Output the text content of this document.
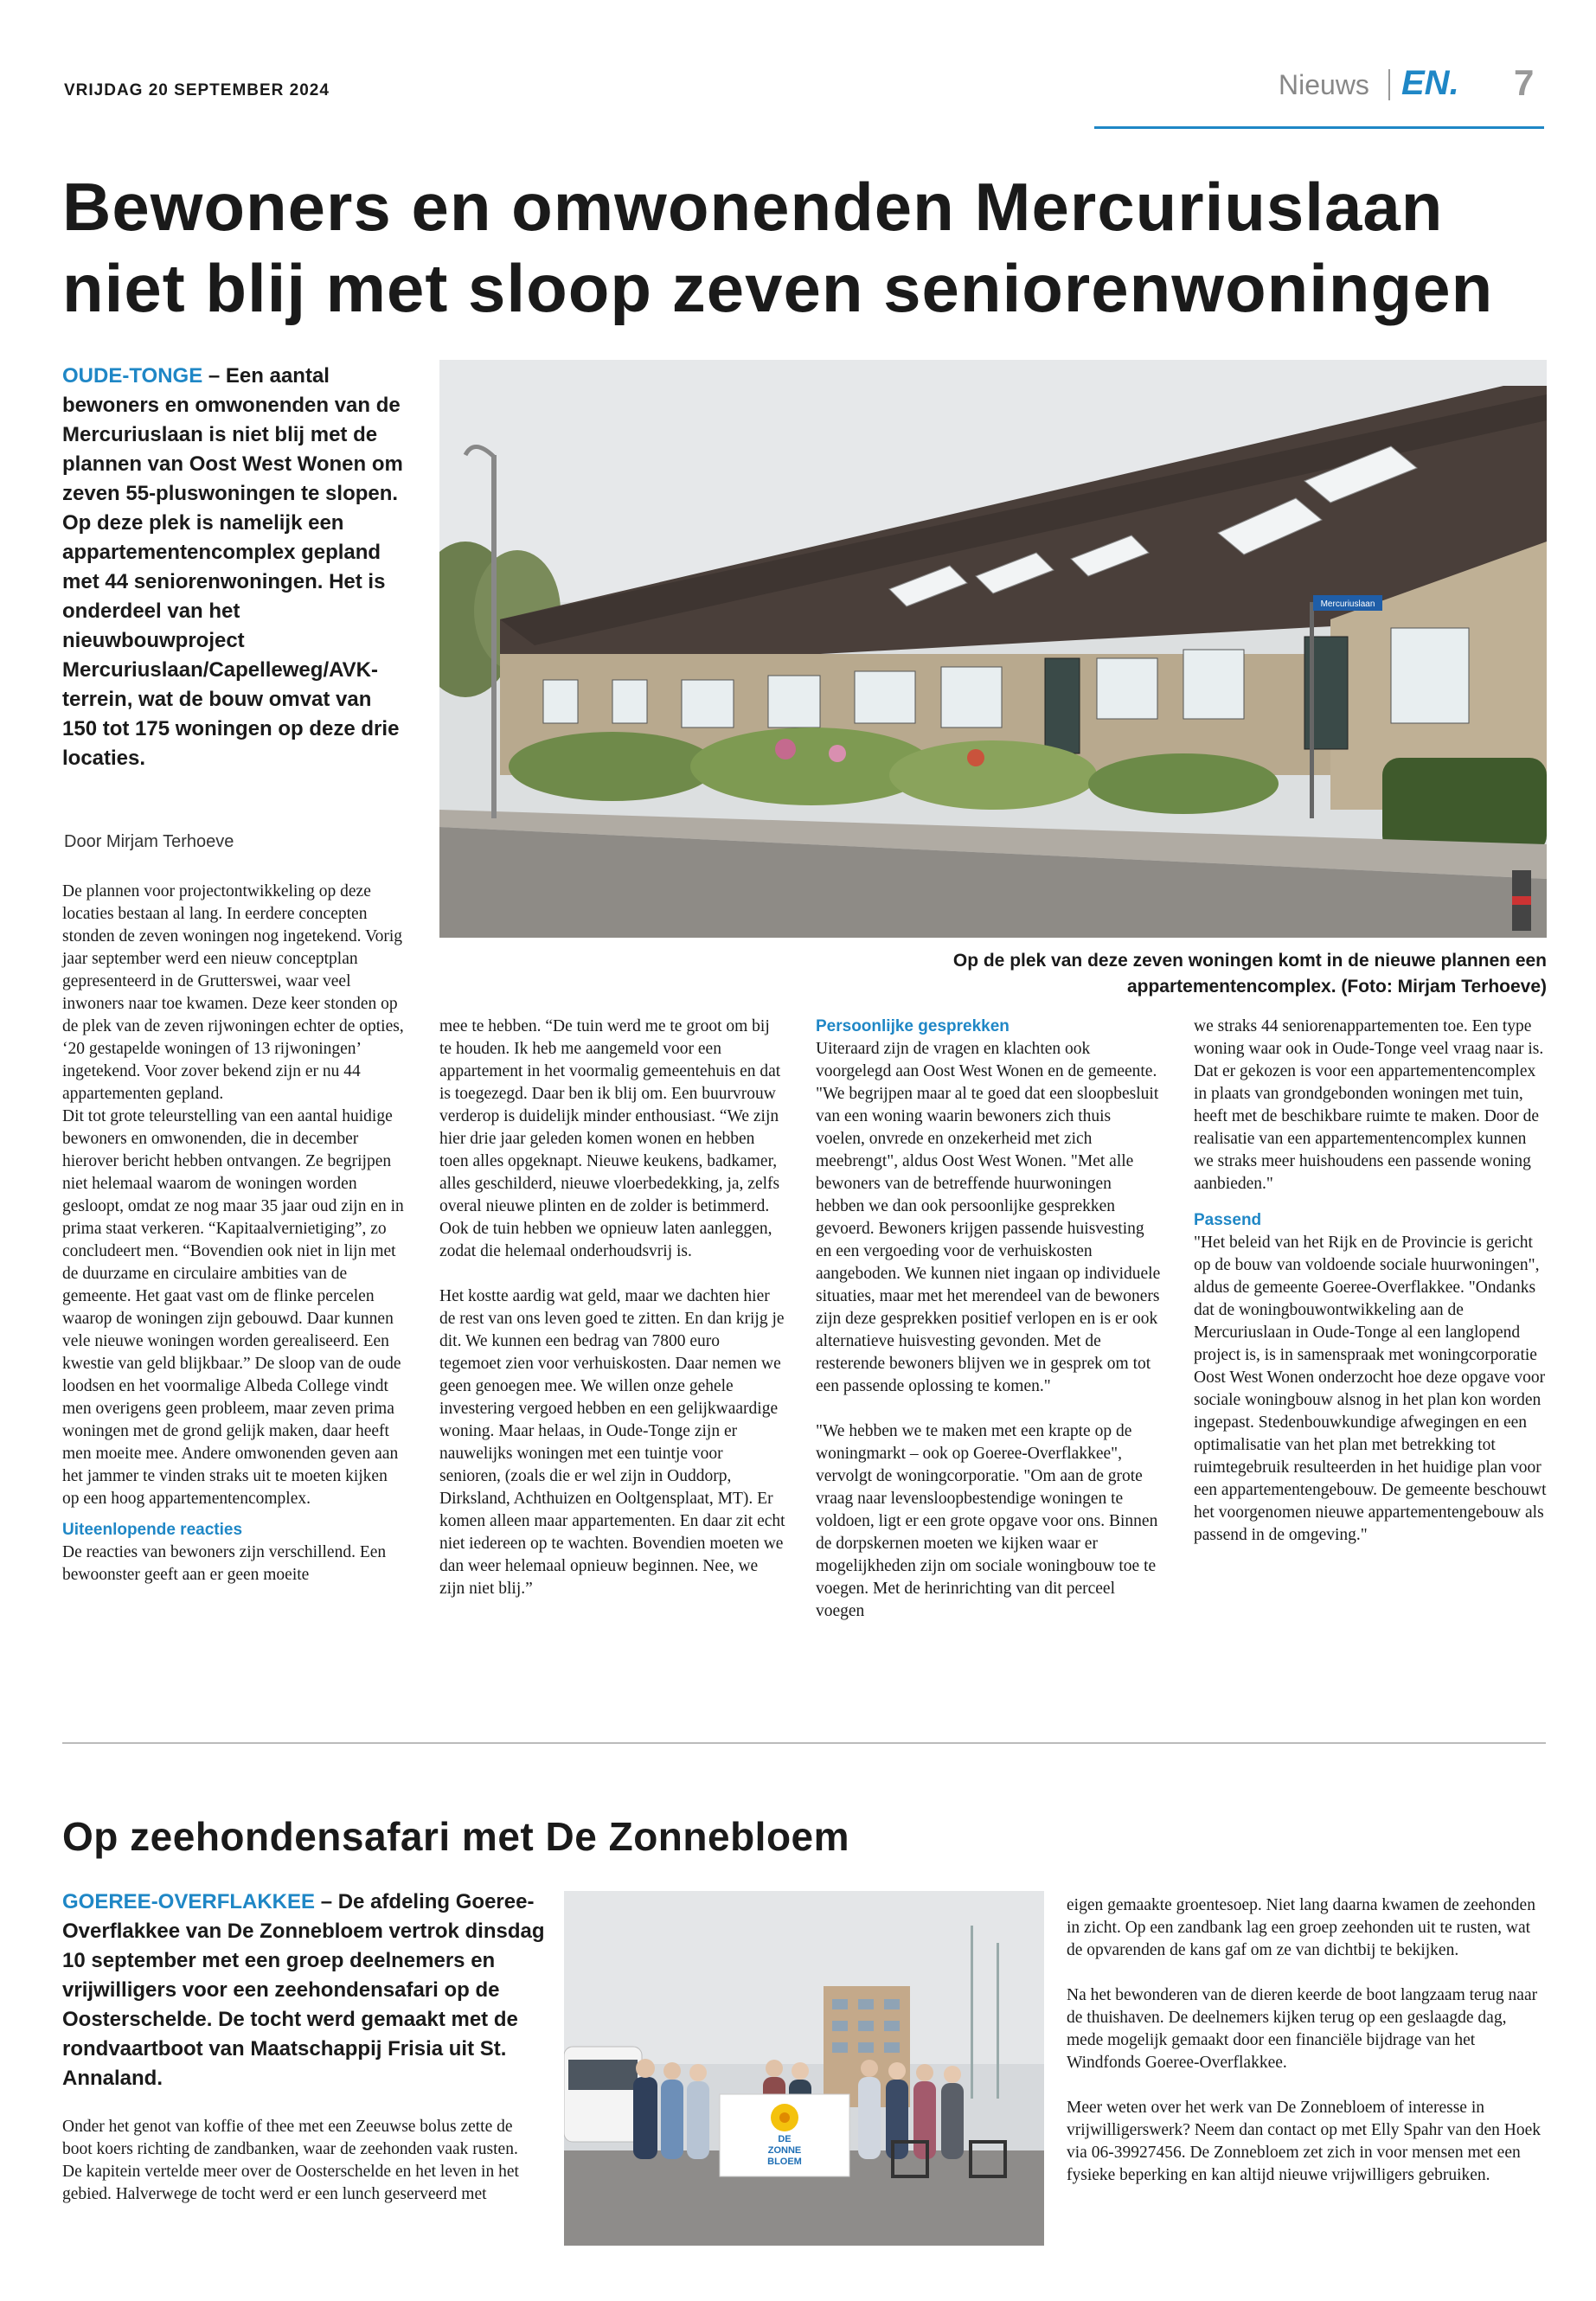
VRIJDAG 20 SEPTEMBER 2024	Nieuws EN. 7
Bewoners en omwonenden Mercuriuslaan
niet blij met sloop zeven seniorenwoningen
OUDE-TONGE – Een aantal bewoners en omwonenden van de Mercuriuslaan is niet blij met de plannen van Oost West Wonen om zeven 55-pluswoningen te slopen. Op deze plek is namelijk een appartementencomplex gepland met 44 seniorenwoningen. Het is onderdeel van het nieuwbouwproject Mercuriuslaan/Capelleweg/AVK-terrein, wat de bouw omvat van 150 tot 175 woningen op deze drie locaties.
Door Mirjam Terhoeve
Mercuriuslaan
Op de plek van deze zeven woningen komt in de nieuwe plannen een appartementencomplex. (Foto: Mirjam Terhoeve)

De plannen voor projectontwikkeling op deze locaties bestaan al lang. In eerdere concepten stonden de zeven woningen nog ingetekend. Vorig jaar september werd een nieuw conceptplan gepresenteerd in de Grutterswei, waar veel inwoners naar toe kwamen. Deze keer stonden op de plek van de zeven rijwoningen echter de opties, ‘20 gestapelde woningen of 13 rijwoningen’ ingetekend. Voor zover bekend zijn er nu 44 appartementen gepland.

Dit tot grote teleurstelling van een aantal huidige bewoners en omwonenden, die in december hierover bericht hebben ontvangen. Ze begrijpen niet helemaal waarom de woningen worden gesloopt, omdat ze nog maar 35 jaar oud zijn en in prima staat verkeren. “Kapitaalvernietiging”, zo concludeert men. “Bovendien ook niet in lijn met de duurzame en circulaire ambities van de gemeente. Het gaat vast om de flinke percelen waarop de woningen zijn gebouwd. Daar kunnen vele nieuwe woningen worden gerealiseerd. Een kwestie van geld blijkbaar.” De sloop van de oude loodsen en het voormalige Albeda College vindt men overigens geen probleem, maar zeven prima woningen met de grond gelijk maken, daar heeft men moeite mee. Andere omwonenden geven aan het jammer te vinden straks uit te moeten kijken op een hoog appartementencomplex.

Uiteenlopende reacties
De reacties van bewoners zijn verschillend. Een bewoonster geeft aan er geen moeite

mee te hebben. “De tuin werd me te groot om bij te houden. Ik heb me aangemeld voor een appartement in het voormalig gemeentehuis en dat is toegezegd. Daar ben ik blij om. Een buurvrouw verderop is duidelijk minder enthousiast. “We zijn hier drie jaar geleden komen wonen en hebben toen alles opgeknapt. Nieuwe keukens, badkamer, alles geschilderd, nieuwe vloerbedekking, ja, zelfs overal nieuwe plinten en de zolder is betimmerd. Ook de tuin hebben we opnieuw laten aanleggen, zodat die helemaal onderhoudsvrij is.

Het kostte aardig wat geld, maar we dachten hier de rest van ons leven goed te zitten. En dan krijg je dit. We kunnen een bedrag van 7800 euro tegemoet zien voor verhuiskosten. Daar nemen we geen genoegen mee. We willen onze gehele investering vergoed hebben en een gelijkwaardige woning. Maar helaas, in Oude-Tonge zijn er nauwelijks woningen met een tuintje voor senioren, (zoals die er wel zijn in Ouddorp, Dirksland, Achthuizen en Ooltgensplaat, MT). Er komen alleen maar appartementen. En daar zit echt niet iedereen op te wachten. Bovendien moeten we dan weer helemaal opnieuw beginnen. Nee, we zijn niet blij.”

Persoonlijke gesprekken
Uiteraard zijn de vragen en klachten ook voorgelegd aan Oost West Wonen en de gemeente. "We begrijpen maar al te goed dat een sloopbesluit van een woning waarin bewoners zich thuis voelen, onvrede en onzekerheid met zich meebrengt", aldus Oost West Wonen. "Met alle bewoners van de betreffende huurwoningen hebben we dan ook persoonlijke gesprekken gevoerd. Bewoners krijgen passende huisvesting en een vergoeding voor de verhuiskosten aangeboden. We kunnen niet ingaan op individuele situaties, maar met het merendeel van de bewoners zijn deze gesprekken positief verlopen en is er ook alternatieve huisvesting gevonden. Met de resterende bewoners blijven we in gesprek om tot een passende oplossing te komen."

"We hebben we te maken met een krapte op de woningmarkt – ook op Goeree-Overflakkee", vervolgt de woningcorporatie. "Om aan de grote vraag naar levensloopbestendige woningen te voldoen, ligt er een grote opgave voor ons. Binnen de dorpskernen moeten we kijken waar er mogelijkheden zijn om sociale woningbouw toe te voegen. Met de herinrichting van dit perceel voegen

we straks 44 seniorenappartementen toe. Een type woning waar ook in Oude-Tonge veel vraag naar is. Dat er gekozen is voor een appartementencomplex in plaats van grondgebonden woningen met tuin, heeft met de beschikbare ruimte te maken. Door de realisatie van een appartementencomplex kunnen we straks meer huishoudens een passende woning aanbieden."

Passend
"Het beleid van het Rijk en de Provincie is gericht op de bouw van voldoende sociale huurwoningen", aldus de gemeente Goeree-Overflakkee. "Ondanks dat de woningbouwontwikkeling aan de Mercuriuslaan in Oude-Tonge al een langlopend project is, is in samenspraak met woningcorporatie Oost West Wonen onderzocht hoe deze opgave voor sociale woningbouw alsnog in het plan kon worden ingepast. Stedenbouwkundige afwegingen en een optimalisatie van het plan met betrekking tot ruimtegebruik resulteerden in het huidige plan voor een appartementengebouw. De gemeente beschouwt het voorgenomen nieuwe appartementengebouw als passend in de omgeving."

Op zeehondensafari met De Zonnebloem
GOEREE-OVERFLAKKEE – De afdeling Goeree-Overflakkee van De Zonnebloem vertrok dinsdag 10 september met een groep deelnemers en vrijwilligers voor een zeehondensafari op de Oosterschelde. De tocht werd gemaakt met de rondvaartboot van Maatschappij Frisia uit St. Annaland.

Onder het genot van koffie of thee met een Zeeuwse bolus zette de boot koers richting de zandbanken, waar de zeehonden vaak rusten. De kapitein vertelde meer over de Oosterschelde en het leven in het gebied. Halverwege de tocht werd er een lunch geserveerd met

DE
ZONNE
BLOEM

eigen gemaakte groentesoep. Niet lang daarna kwamen de zeehonden in zicht. Op een zandbank lag een groep zeehonden uit te rusten, wat de opvarenden de kans gaf om ze van dichtbij te bekijken.

Na het bewonderen van de dieren keerde de boot langzaam terug naar de thuishaven. De deelnemers kijken terug op een geslaagde dag, mede mogelijk gemaakt door een financiële bijdrage van het Windfonds Goeree-Overflakkee.

Meer weten over het werk van De Zonnebloem of interesse in vrijwilligerswerk? Neem dan contact op met Elly Spahr van den Hoek via 06-39927456. De Zonnebloem zet zich in voor mensen met een fysieke beperking en kan altijd nieuwe vrijwilligers gebruiken.
